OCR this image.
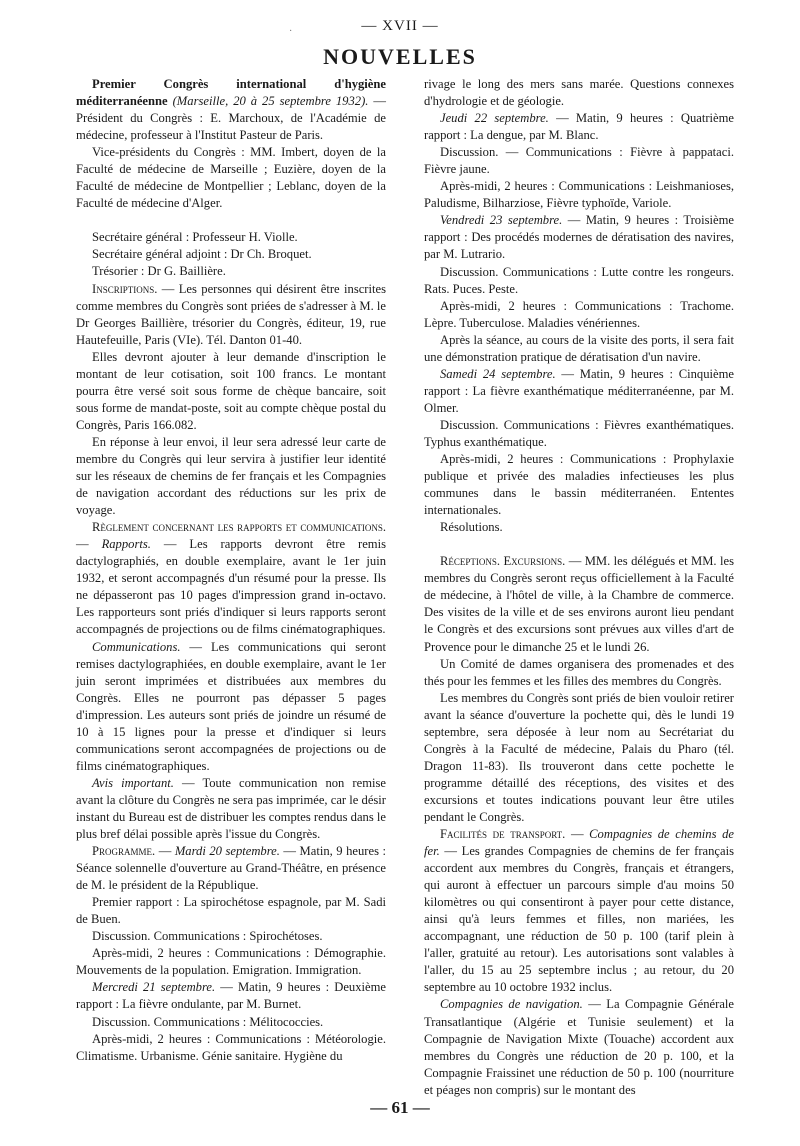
·	— XVII —
NOUVELLES

Premier Congrès international d'hygiène méditerranéenne (Marseille, 20 à 25 septembre 1932). — Président du Congrès : E. Marchoux, de l'Académie de médecine, professeur à l'Institut Pasteur de Paris.

Vice-présidents du Congrès : MM. Imbert, doyen de la Faculté de médecine de Marseille ; Euzière, doyen de la Faculté de médecine de Montpellier ; Leblanc, doyen de la Faculté de médecine d'Alger.

Secrétaire général : Professeur H. Violle.

Secrétaire général adjoint : Dr Ch. Broquet.

Trésorier : Dr G. Baillière.

Inscriptions. — Les personnes qui désirent être inscrites comme membres du Congrès sont priées de s'adresser à M. le Dr Georges Baillière, trésorier du Congrès, éditeur, 19, rue Hautefeuille, Paris (VIe). Tél. Danton 01-40.

Elles devront ajouter à leur demande d'inscription le montant de leur cotisation, soit 100 francs. Le montant pourra être versé soit sous forme de chèque bancaire, soit sous forme de mandat-poste, soit au compte chèque postal du Congrès, Paris 166.082.

En réponse à leur envoi, il leur sera adressé leur carte de membre du Congrès qui leur servira à justifier leur identité sur les réseaux de chemins de fer français et les Compagnies de navigation accordant des réductions sur les prix de voyage.

Règlement concernant les rapports et communications. — Rapports. — Les rapports devront être remis dactylographiés, en double exemplaire, avant le 1er juin 1932, et seront accompagnés d'un résumé pour la presse. Ils ne dépasseront pas 10 pages d'impression grand in-octavo. Les rapporteurs sont priés d'indiquer si leurs rapports seront accompagnés de projections ou de films cinématographiques.

Communications. — Les communications qui seront remises dactylographiées, en double exemplaire, avant le 1er juin seront imprimées et distribuées aux membres du Congrès. Elles ne pourront pas dépasser 5 pages d'impression. Les auteurs sont priés de joindre un résumé de 10 à 15 lignes pour la presse et d'indiquer si leurs communications seront accompagnées de projections ou de films cinématographiques.

Avis important. — Toute communication non remise avant la clôture du Congrès ne sera pas imprimée, car le désir instant du Bureau est de distribuer les comptes rendus dans le plus bref délai possible après l'issue du Congrès.

Programme. — Mardi 20 septembre. — Matin, 9 heures : Séance solennelle d'ouverture au Grand-Théâtre, en présence de M. le président de la République.

Premier rapport : La spirochétose espagnole, par M. Sadi de Buen.

Discussion. Communications : Spirochétoses.

Après-midi, 2 heures : Communications : Démographie. Mouvements de la population. Emigration. Immigration.

Mercredi 21 septembre. — Matin, 9 heures : Deuxième rapport : La fièvre ondulante, par M. Burnet.

Discussion. Communications : Mélitococcies.

Après-midi, 2 heures : Communications : Météorologie. Climatisme. Urbanisme. Génie sanitaire. Hygiène du

rivage le long des mers sans marée. Questions connexes d'hydrologie et de géologie.

Jeudi 22 septembre. — Matin, 9 heures : Quatrième rapport : La dengue, par M. Blanc.

Discussion. — Communications : Fièvre à pappataci. Fièvre jaune.

Après-midi, 2 heures : Communications : Leishmanioses, Paludisme, Bilharziose, Fièvre typhoïde, Variole.

Vendredi 23 septembre. — Matin, 9 heures : Troisième rapport : Des procédés modernes de dératisation des navires, par M. Lutrario.

Discussion. Communications : Lutte contre les rongeurs. Rats. Puces. Peste.

Après-midi, 2 heures : Communications : Trachome. Lèpre. Tuberculose. Maladies vénériennes.

Après la séance, au cours de la visite des ports, il sera fait une démonstration pratique de dératisation d'un navire.

Samedi 24 septembre. — Matin, 9 heures : Cinquième rapport : La fièvre exanthématique méditerranéenne, par M. Olmer.

Discussion. Communications : Fièvres exanthématiques. Typhus exanthématique.

Après-midi, 2 heures : Communications : Prophylaxie publique et privée des maladies infectieuses les plus communes dans le bassin méditerranéen. Ententes internationales.

Résolutions.

Réceptions. Excursions. — MM. les délégués et MM. les membres du Congrès seront reçus officiellement à la Faculté de médecine, à l'hôtel de ville, à la Chambre de commerce. Des visites de la ville et de ses environs auront lieu pendant le Congrès et des excursions sont prévues aux villes d'art de Provence pour le dimanche 25 et le lundi 26.

Un Comité de dames organisera des promenades et des thés pour les femmes et les filles des membres du Congrès.

Les membres du Congrès sont priés de bien vouloir retirer avant la séance d'ouverture la pochette qui, dès le lundi 19 septembre, sera déposée à leur nom au Secrétariat du Congrès à la Faculté de médecine, Palais du Pharo (tél. Dragon 11-83). Ils trouveront dans cette pochette le programme détaillé des réceptions, des visites et des excursions et toutes indications pouvant leur être utiles pendant le Congrès.

Facilités de transport. — Compagnies de chemins de fer. — Les grandes Compagnies de chemins de fer français accordent aux membres du Congrès, français et étrangers, qui auront à effectuer un parcours simple d'au moins 50 kilomètres ou qui consentiront à payer pour cette distance, ainsi qu'à leurs femmes et filles, non mariées, les accompagnant, une réduction de 50 p. 100 (tarif plein à l'aller, gratuité au retour). Les autorisations sont valables à l'aller, du 15 au 25 septembre inclus ; au retour, du 20 septembre au 10 octobre 1932 inclus.

Compagnies de navigation. — La Compagnie Générale Transatlantique (Algérie et Tunisie seulement) et la Compagnie de Navigation Mixte (Touache) accordent aux membres du Congrès une réduction de 20 p. 100, et la Compagnie Fraissinet une réduction de 50 p. 100 (nourriture et péages non compris) sur le montant des

— 61 —
